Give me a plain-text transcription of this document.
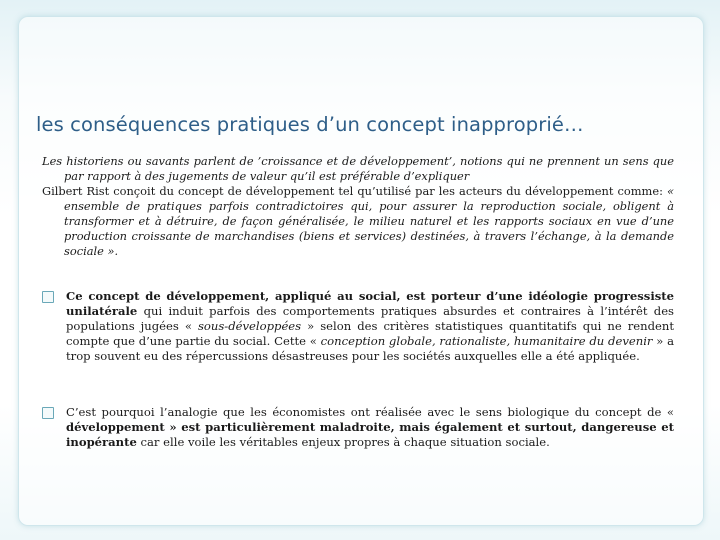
les conséquences pratiques d’un concept inapproprié…

Les historiens ou savants parlent de ’croissance et de développement’, notions qui ne prennent un sens que par rapport à des jugements de valeur qu’il est préférable d’expliquer

Gilbert Rist conçoit du concept de développement tel qu’utilisé par les acteurs du développement comme: « ensemble de pratiques parfois contradictoires qui, pour assurer la reproduction sociale, obligent à transformer et à détruire, de façon généralisée, le milieu naturel et les rapports sociaux en vue d’une production croissante de marchandises (biens et services) destinées, à travers l’échange, à la demande sociale ».

Ce concept de développement, appliqué au social, est porteur d’une idéologie progressiste unilatérale qui induit parfois des comportements pratiques absurdes et contraires à l’intérêt des populations jugées « sous-développées » selon des critères statistiques quantitatifs qui ne rendent compte que d’une partie du social. Cette « conception globale, rationaliste, humanitaire du devenir » a trop souvent eu des répercussions désastreuses pour les sociétés auxquelles elle a été appliquée.
C’est pourquoi l’analogie que les économistes ont réalisée avec le sens biologique du concept de « développement » est particulièrement maladroite, mais également et surtout, dangereuse et inopérante car elle voile les véritables enjeux propres à chaque situation sociale.
